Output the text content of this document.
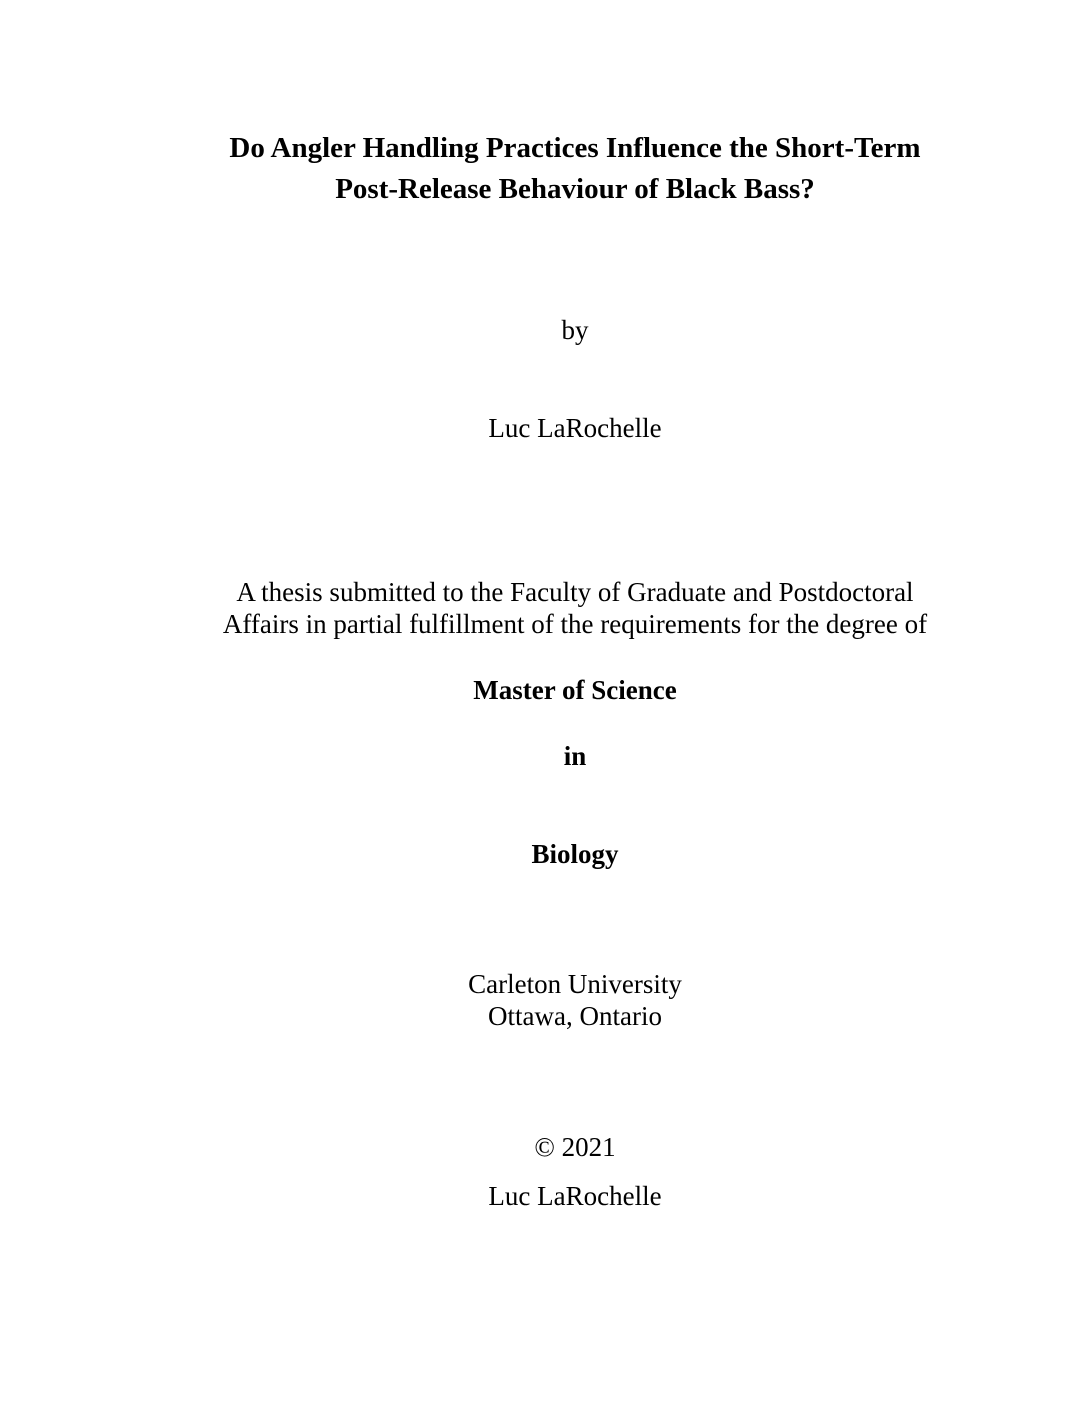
Do Angler Handling Practices Influence the Short-Term
Post-Release Behaviour of Black Bass?
by
Luc LaRochelle
A thesis submitted to the Faculty of Graduate and Postdoctoral
Affairs in partial fulfillment of the requirements for the degree of
Master of Science
in
Biology
Carleton University
Ottawa, Ontario
© 2021
Luc LaRochelle
